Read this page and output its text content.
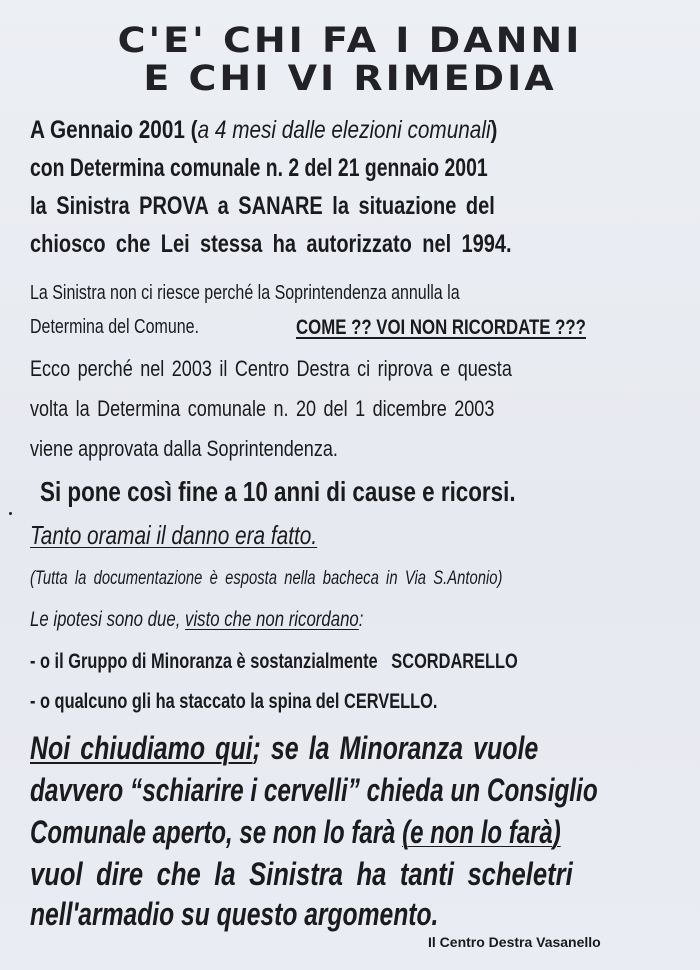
C'E' CHI FA I DANNI
E CHI VI RIMEDIA
A Gennaio 2001 (a 4 mesi dalle elezioni comunali)
con Determina comunale n. 2 del 21 gennaio 2001
la Sinistra PROVA a SANARE la situazione del
chiosco che Lei stessa ha autorizzato nel 1994.
La Sinistra non ci riesce perché la Soprintendenza annulla la
Determina del Comune.	COME ?? VOI NON RICORDATE ???
Ecco perché nel 2003 il Centro Destra ci riprova e questa
volta la Determina comunale n. 20 del 1 dicembre 2003
viene approvata dalla Soprintendenza.
Si pone così fine a 10 anni di cause e ricorsi.
Tanto oramai il danno era fatto.
(Tutta la documentazione è esposta nella bacheca in Via S.Antonio)
Le ipotesi sono due, visto che non ricordano:
- o il Gruppo di Minoranza è sostanzialmente   SCORDARELLO
- o qualcuno gli ha staccato la spina del CERVELLO.
Noi chiudiamo qui; se la Minoranza vuole
davvero “schiarire i cervelli” chieda un Consiglio
Comunale aperto, se non lo farà (e non lo farà)
vuol dire che la Sinistra ha tanti scheletri
nell'armadio su questo argomento.
Il Centro Destra Vasanello
